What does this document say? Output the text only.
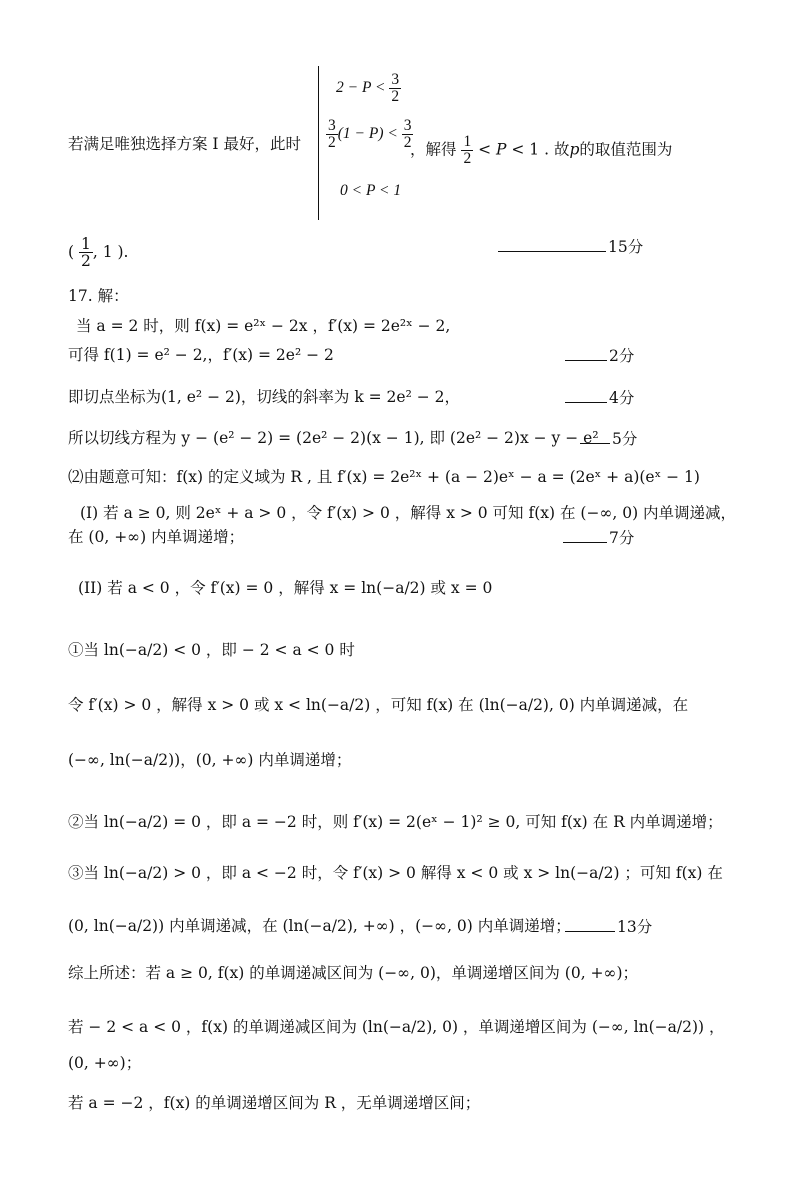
$2 - P < \frac{3}{2}$
$\frac{3}{2} (1 - P) < \frac{3}{2}$
0 < P < 1
若满足唯独选择方案 I 最好，此时	，解得 $\frac{1}{2} < P < 1$ . 故p的取值范围为
( $\frac{1}{2}$ , 1 ).	15分
17. 解：
当 a = 2 时，则 f(x) = e²ˣ − 2x ，f′(x) = 2e²ˣ − 2,
可得 f(1) = e² − 2,，f′(x) = 2e² − 2	2分
即切点坐标为(1, e² − 2)，切线的斜率为 k = 2e² − 2，	4分
所以切线方程为 y − (e² − 2) = (2e² − 2)(x − 1), 即 (2e² − 2)x − y − e² 5分
⑵由题意可知：f(x) 的定义域为 R , 且 f′(x) = 2e²ˣ + (a − 2)eˣ − a = (2eˣ + a)(eˣ − 1)
(I) 若 a ≥ 0, 则 2eˣ + a > 0 ，令 f′(x) > 0 ，解得 x > 0 可知 f(x) 在 (−∞, 0) 内单调递减，
在 (0, +∞) 内单调递增；	7分
(II) 若 a < 0 ，令 f′(x) = 0 ，解得 x = ln(−a/2) 或 x = 0
①当 ln(−a/2) < 0 ，即 − 2 < a < 0 时
令 f′(x) > 0 ，解得 x > 0 或 x < ln(−a/2) ，可知 f(x) 在 (ln(−a/2), 0) 内单调递减，在
(−∞, ln(−a/2))，(0, +∞) 内单调递增；
②当 ln(−a/2) = 0 ，即 a = −2 时，则 f′(x) = 2(eˣ − 1)² ≥ 0, 可知 f(x) 在 R 内单调递增；
③当 ln(−a/2) > 0 ，即 a < −2 时，令 f′(x) > 0 解得 x < 0 或 x > ln(−a/2) ；可知 f(x) 在
(0, ln(−a/2)) 内单调递减，在 (ln(−a/2), +∞) ，(−∞, 0) 内单调递增；	13分
综上所述：若 a ≥ 0, f(x) 的单调递减区间为 (−∞, 0)，单调递增区间为 (0, +∞)；
若 − 2 < a < 0 ，f(x) 的单调递减区间为 (ln(−a/2), 0) ，单调递增区间为 (−∞, ln(−a/2)) ，
(0, +∞)；
若 a = −2 ，f(x) 的单调递增区间为 R ，无单调递增区间；
